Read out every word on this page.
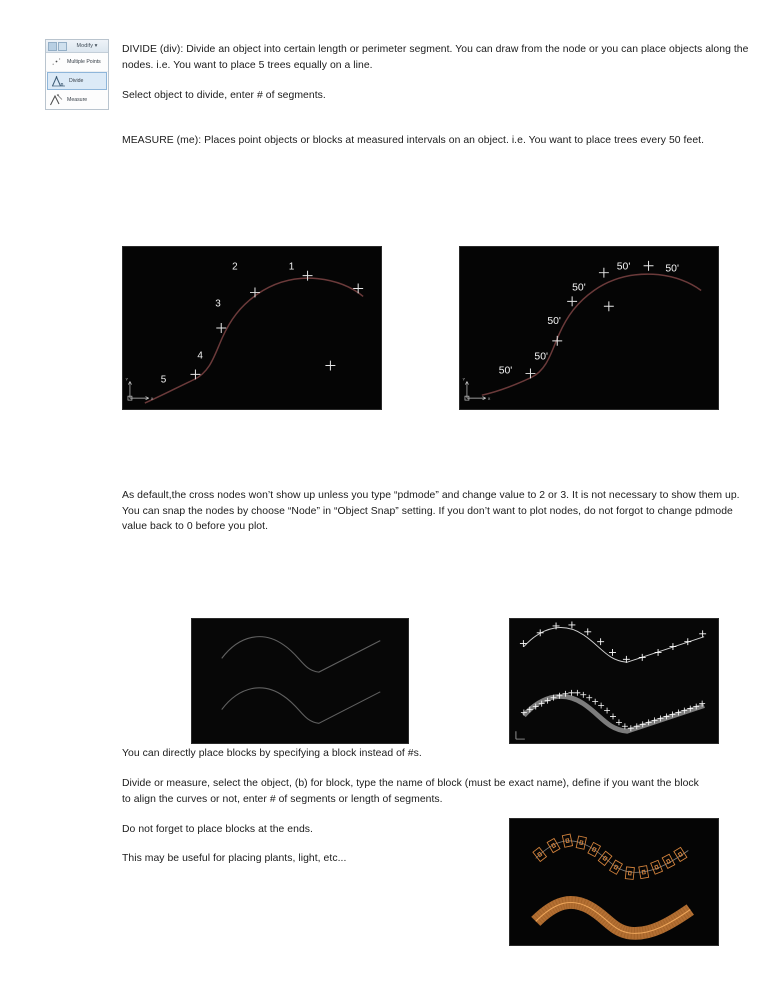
Modify ▾
Multiple Points
n
Divide
Measure
DIVIDE (div): Divide an object into certain length or perimeter segment. You can draw from the node or you can place objects along the nodes. i.e. You want to place 5 trees equally on a line.
Select object to divide, enter # of segments.
MEASURE (me): Places point objects or blocks at measured intervals on an object. i.e. You want to place trees every 50 feet.
As default,the cross nodes won’t show up unless you type “pdmode” and change value to 2 or 3. It is not necessary to show them up. You can snap the nodes by choose “Node” in “Object Snap” setting. If you don’t want to plot nodes, do not forgot to change pdmode value back to 0 before you plot.
You can directly place blocks by specifying a block instead of #s.
Divide or measure, select the object, (b) for block, type the name of block (must be exact name), define if you want the block to align the curves or not, enter # of segments or length of segments.
Do not forget to place blocks at the ends.
This may be useful for placing plants, light, etc...
2	1
3
4
5
Y
X
50'
50'
50'
50'
50'	50'
Y
X
